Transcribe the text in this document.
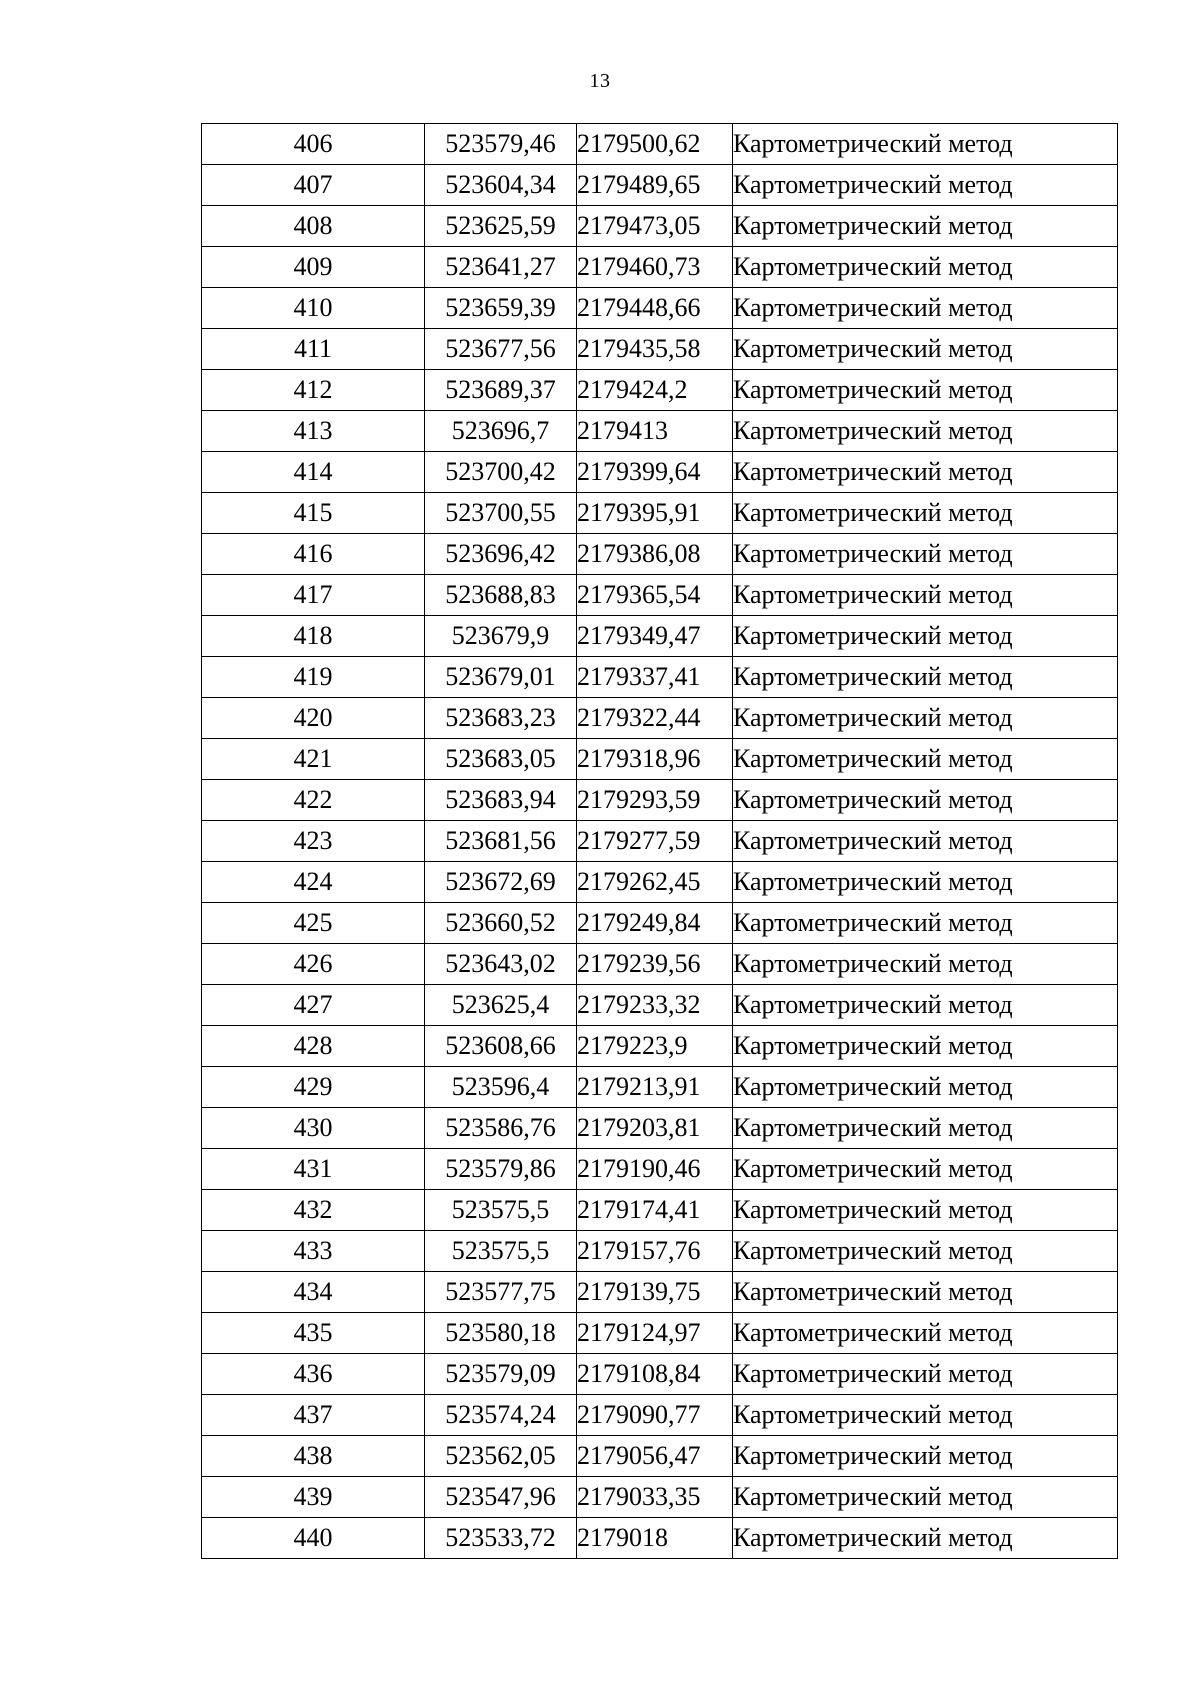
13
406	523579,46	2179500,62	Картометрический метод
407	523604,34	2179489,65	Картометрический метод
408	523625,59	2179473,05	Картометрический метод
409	523641,27	2179460,73	Картометрический метод
410	523659,39	2179448,66	Картометрический метод
411	523677,56	2179435,58	Картометрический метод
412	523689,37	2179424,2	Картометрический метод
413	523696,7	2179413	Картометрический метод
414	523700,42	2179399,64	Картометрический метод
415	523700,55	2179395,91	Картометрический метод
416	523696,42	2179386,08	Картометрический метод
417	523688,83	2179365,54	Картометрический метод
418	523679,9	2179349,47	Картометрический метод
419	523679,01	2179337,41	Картометрический метод
420	523683,23	2179322,44	Картометрический метод
421	523683,05	2179318,96	Картометрический метод
422	523683,94	2179293,59	Картометрический метод
423	523681,56	2179277,59	Картометрический метод
424	523672,69	2179262,45	Картометрический метод
425	523660,52	2179249,84	Картометрический метод
426	523643,02	2179239,56	Картометрический метод
427	523625,4	2179233,32	Картометрический метод
428	523608,66	2179223,9	Картометрический метод
429	523596,4	2179213,91	Картометрический метод
430	523586,76	2179203,81	Картометрический метод
431	523579,86	2179190,46	Картометрический метод
432	523575,5	2179174,41	Картометрический метод
433	523575,5	2179157,76	Картометрический метод
434	523577,75	2179139,75	Картометрический метод
435	523580,18	2179124,97	Картометрический метод
436	523579,09	2179108,84	Картометрический метод
437	523574,24	2179090,77	Картометрический метод
438	523562,05	2179056,47	Картометрический метод
439	523547,96	2179033,35	Картометрический метод
440	523533,72	2179018	Картометрический метод
